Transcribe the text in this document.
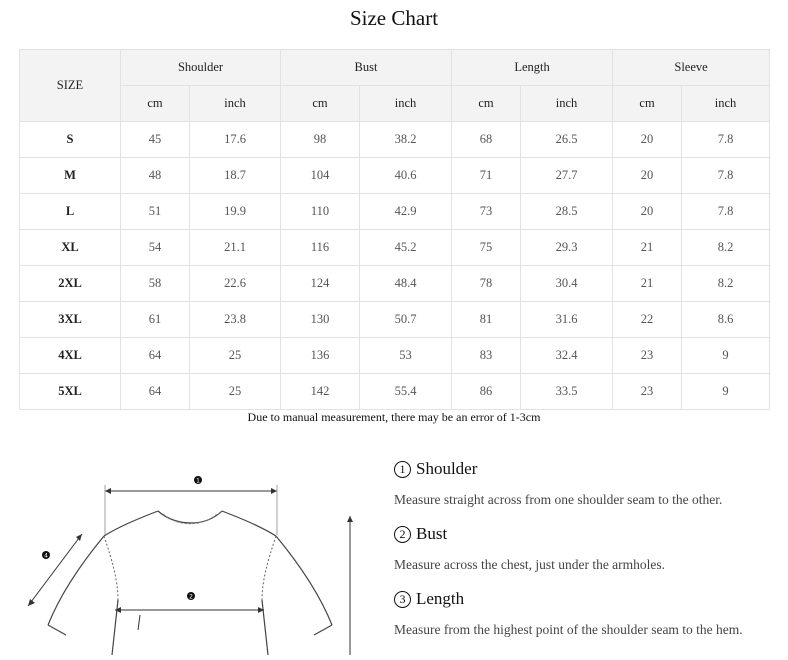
Size Chart
SIZE	Shoulder		Bust		Length		Sleeve	
	cm	inch	cm	inch	cm	inch	cm	inch
S	45	17.6	98	38.2	68	26.5	20	7.8
M	48	18.7	104	40.6	71	27.7	20	7.8
L	51	19.9	110	42.9	73	28.5	20	7.8
XL	54	21.1	116	45.2	75	29.3	21	8.2
2XL	58	22.6	124	48.4	78	30.4	21	8.2
3XL	61	23.8	130	50.7	81	31.6	22	8.6
4XL	64	25	136	53	83	32.4	23	9
5XL	64	25	142	55.4	86	33.5	23	9
Due to manual measurement, there may be an error of 1-3cm
1
2
4
1 Shoulder
Measure straight across from one shoulder seam to the other.
2 Bust
Measure across the chest, just under the armholes.
3 Length
Measure from the highest point of the shoulder seam to the hem.
